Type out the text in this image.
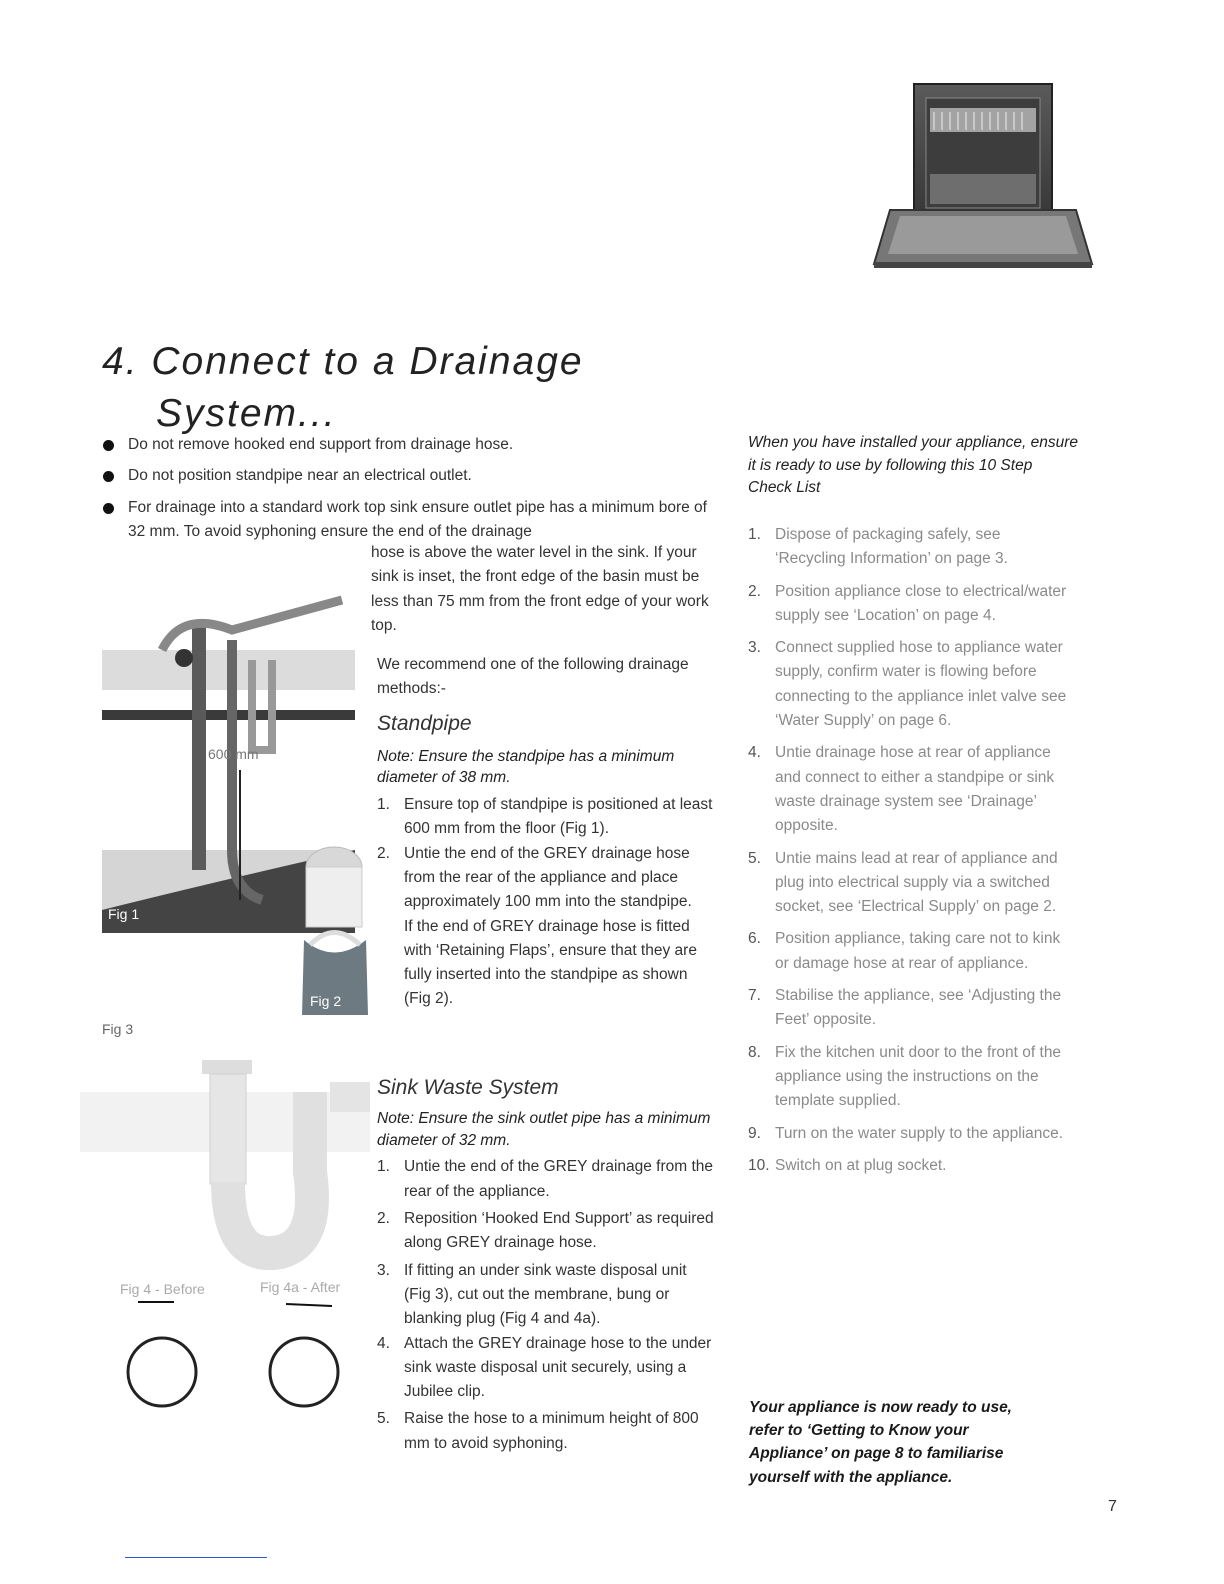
4. Connect to a Drainage
System...
Do not remove hooked end support from drainage hose.
Do not position standpipe near an electrical outlet.
For drainage into a standard work top sink ensure outlet pipe has a minimum bore of 32 mm. To avoid syphoning ensure the end of the drainage
hose is above the water level in the sink. If your sink is inset, the front edge of the basin must be less than 75 mm from the front edge of your work top.
600 mm
Fig 1
Fig 2
Fig 3
Fig 4 - Before	Fig 4a - After
We recommend one of the following drainage methods:-
Standpipe
Note: Ensure the standpipe has a minimum diameter of 38 mm.
1. Ensure top of standpipe is positioned at least 600 mm from the floor (Fig 1).
2. Untie the end of the GREY drainage hose from the rear of the appliance and place approximately 100 mm into the standpipe.
If the end of GREY drainage hose is fitted with ‘Retaining Flaps’, ensure that they are fully inserted into the standpipe as shown (Fig 2).
Sink Waste System
Note: Ensure the sink outlet pipe has a minimum diameter of 32 mm.
1. Untie the end of the GREY drainage from the rear of the appliance.
2. Reposition ‘Hooked End Support’ as required along GREY drainage hose.
3. If fitting an under sink waste disposal unit (Fig 3), cut out the membrane, bung or blanking plug (Fig 4 and 4a).
4. Attach the GREY drainage hose to the under sink waste disposal unit securely, using a Jubilee clip.
5. Raise the hose to a minimum height of 800 mm to avoid syphoning.
When you have installed your appliance, ensure it is ready to use by following this 10 Step Check List
1. Dispose of packaging safely, see ‘Recycling Information’ on page 3.
2. Position appliance close to electrical/water supply see ‘Location’ on page 4.
3. Connect supplied hose to appliance water supply, confirm water is flowing before connecting to the appliance inlet valve see ‘Water Supply’ on page 6.
4. Untie drainage hose at rear of appliance and connect to either a standpipe or sink waste drainage system see ‘Drainage’ opposite.
5. Untie mains lead at rear of appliance and plug into electrical supply via a switched socket, see ‘Electrical Supply’ on page 2.
6. Position appliance, taking care not to kink or damage hose at rear of appliance.
7. Stabilise the appliance, see ‘Adjusting the Feet’ opposite.
8. Fix the kitchen unit door to the front of the appliance using the instructions on the template supplied.
9. Turn on the water supply to the appliance.
10. Switch on at plug socket.
Your appliance is now ready to use, refer to ‘Getting to Know your Appliance’ on page 8 to familiarise yourself with the appliance.
7
